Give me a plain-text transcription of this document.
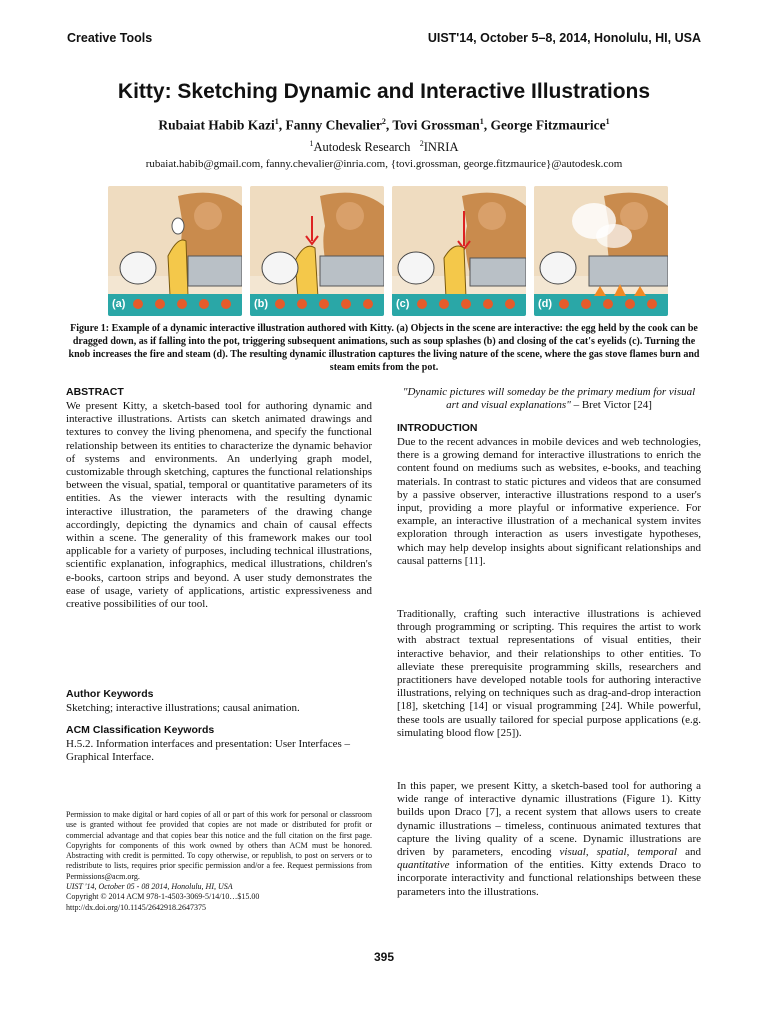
Creative Tools	UIST'14, October 5–8, 2014, Honolulu, HI, USA
Kitty: Sketching Dynamic and Interactive Illustrations
Rubaiat Habib Kazi$^1$, Fanny Chevalier$^2$, Tovi Grossman$^1$, George Fitzmaurice$^1$
$^1$Autodesk Research $^2$INRIA
rubaiat.habib@gmail.com, fanny.chevalier@inria.com, {tovi.grossman, george.fitzmaurice}@autodesk.com
(a)	(b)	(c)	(d)
Figure 1: Example of a dynamic interactive illustration authored with Kitty. (a) Objects in the scene are interactive: the egg held by the cook can be dragged down, as if falling into the pot, triggering subsequent animations, such as soup splashes (b) and closing of the cat's eyelids (c). Turning the knob increases the fire and steam (d). The resulting dynamic illustration captures the living nature of the scene, where the gas stove flames burn and steam emits from the pot.
ABSTRACT
We present Kitty, a sketch-based tool for authoring dynamic and interactive illustrations. Artists can sketch animated drawings and textures to convey the living phenomena, and specify the functional relationship between its entities to characterize the dynamic behavior of systems and environments. An underlying graph model, customizable through sketching, captures the functional relationships between the visual, spatial, temporal or quantitative parameters of its entities. As the viewer interacts with the resulting dynamic interactive illustration, the parameters of the drawing change accordingly, depicting the dynamics and chain of causal effects within a scene. The generality of this framework makes our tool applicable for a variety of purposes, including technical illustrations, scientific explanation, infographics, medical illustrations, children's e-books, cartoon strips and beyond. A user study demonstrates the ease of usage, variety of applications, artistic expressiveness and creative possibilities of our tool.
Author Keywords
Sketching; interactive illustrations; causal animation.
ACM Classification Keywords
H.5.2. Information interfaces and presentation: User Interfaces – Graphical Interface.
Permission to make digital or hard copies of all or part of this work for personal or classroom use is granted without fee provided that copies are not made or distributed for profit or commercial advantage and that copies bear this notice and the full citation on the first page. Copyrights for components of this work owned by others than ACM must be honored. Abstracting with credit is permitted. To copy otherwise, or republish, to post on servers or to redistribute to lists, requires prior specific permission and/or a fee. Request permissions from Permissions@acm.org.
UIST '14, October 05 - 08 2014, Honolulu, HI, USA
Copyright © 2014 ACM 978-1-4503-3069-5/14/10…$15.00
http://dx.doi.org/10.1145/2642918.2647375
"Dynamic pictures will someday be the primary medium for visual art and visual explanations" – Bret Victor [24]
INTRODUCTION
Due to the recent advances in mobile devices and web technologies, there is a growing demand for interactive illustrations to enrich the content found on mediums such as websites, e-books, and teaching materials. In contrast to static pictures and videos that are consumed by a passive observer, interactive illustrations respond to a user's input, providing a more playful or informative experience. For example, an interactive illustration of a mechanical system invites exploration through interaction as users investigate hypotheses, which may help develop insights about significant relationships and causal patterns [11].
Traditionally, crafting such interactive illustrations is achieved through programming or scripting. This requires the artist to work with abstract textual representations of visual entities, their interactive behavior, and their relationships to other entities. To alleviate these prerequisite programming skills, researchers and practitioners have developed notable tools for authoring interactive illustrations, relying on techniques such as drag-and-drop interaction [18], sketching [14] or visual programming [24]. While powerful, these tools are usually tailored for special purpose applications (e.g. simulating blood flow [25]).
In this paper, we present Kitty, a sketch-based tool for authoring a wide range of interactive dynamic illustrations (Figure 1). Kitty builds upon Draco [7], a recent system that allows users to create dynamic illustrations – timeless, continuous animated textures that capture the living quality of a scene. Dynamic illustrations are driven by parameters, encoding visual, spatial, temporal and quantitative information of the entities. Kitty extends Draco to incorporate interactivity and functional relationships between these parameters into the illustrations.
395
